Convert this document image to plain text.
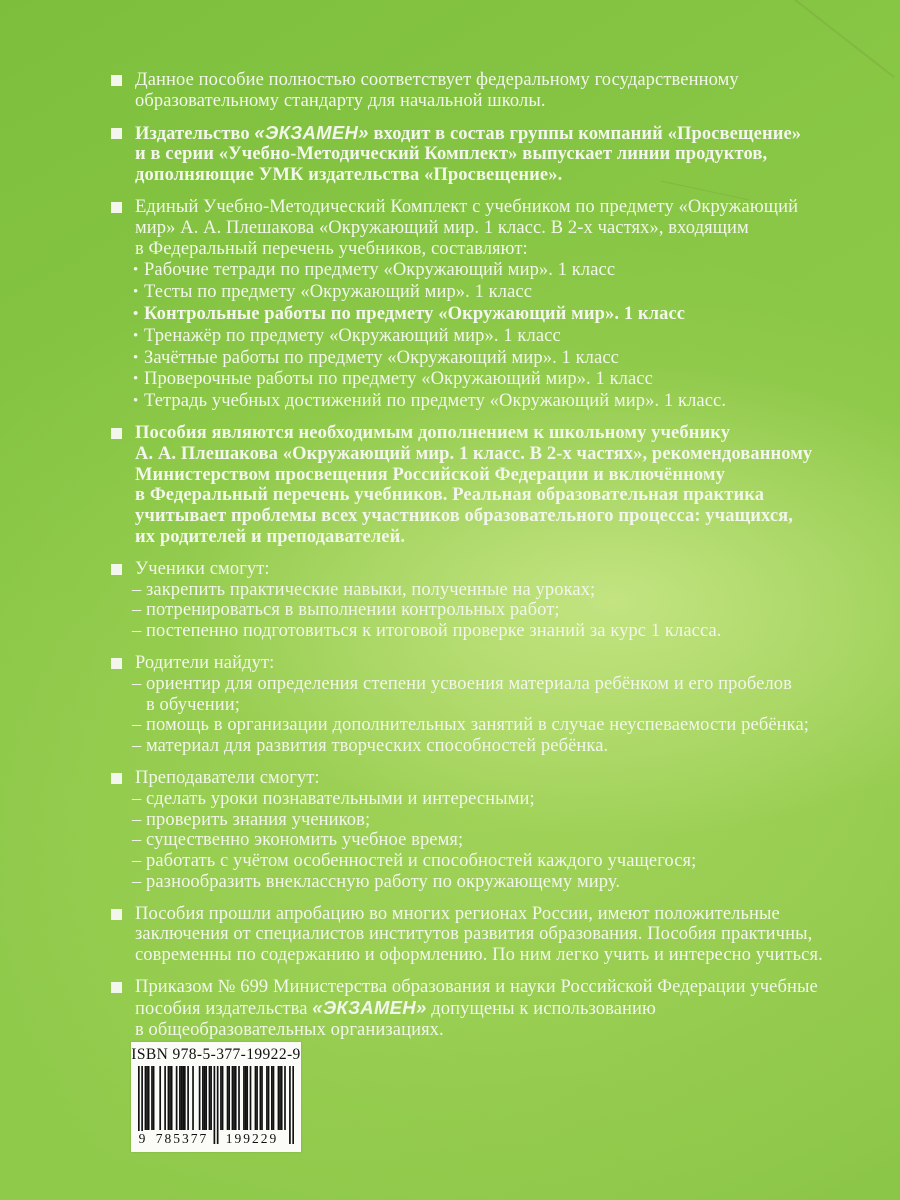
Данное пособие полностью соответствует федеральному государственному
образовательному стандарту для начальной школы.
Издательство «ЭКЗАМЕН» входит в состав группы компаний «Просвещение»
и в серии «Учебно-Методический Комплект» выпускает линии продуктов,
дополняющие УМК издательства «Просвещение».
Единый Учебно-Методический Комплект с учебником по предмету «Окружающий
мир» А. А. Плешакова «Окружающий мир. 1 класс. В 2-х частях», входящим
в Федеральный перечень учебников, составляют:
• Рабочие тетради по предмету «Окружающий мир». 1 класс
• Тесты по предмету «Окружающий мир». 1 класс
• Контрольные работы по предмету «Окружающий мир». 1 класс
• Тренажёр по предмету «Окружающий мир». 1 класс
• Зачётные работы по предмету «Окружающий мир». 1 класс
• Проверочные работы по предмету «Окружающий мир». 1 класс
• Тетрадь учебных достижений по предмету «Окружающий мир». 1 класс.
Пособия являются необходимым дополнением к школьному учебнику
А. А. Плешакова «Окружающий мир. 1 класс. В 2-х частях», рекомендованному
Министерством просвещения Российской Федерации и включённому
в Федеральный перечень учебников. Реальная образовательная практика
учитывает проблемы всех участников образовательного процесса: учащихся,
их родителей и преподавателей.
Ученики смогут:
– закрепить практические навыки, полученные на уроках;
– потренироваться в выполнении контрольных работ;
– постепенно подготовиться к итоговой проверке знаний за курс 1 класса.
Родители найдут:
– ориентир для определения степени усвоения материала ребёнком и его пробелов
в обучении;
– помощь в организации дополнительных занятий в случае неуспеваемости ребёнка;
– материал для развития творческих способностей ребёнка.
Преподаватели смогут:
– сделать уроки познавательными и интересными;
– проверить знания учеников;
– существенно экономить учебное время;
– работать с учётом особенностей и способностей каждого учащегося;
– разнообразить внеклассную работу по окружающему миру.
Пособия прошли апробацию во многих регионах России, имеют положительные
заключения от специалистов институтов развития образования. Пособия практичны,
современны по содержанию и оформлению. По ним легко учить и интересно учиться.
Приказом № 699 Министерства образования и науки Российской Федерации учебные
пособия издательства «ЭКЗАМЕН» допущены к использованию
в общеобразовательных организациях.
ISBN 978-5-377-19922-9
9 785377 199229
